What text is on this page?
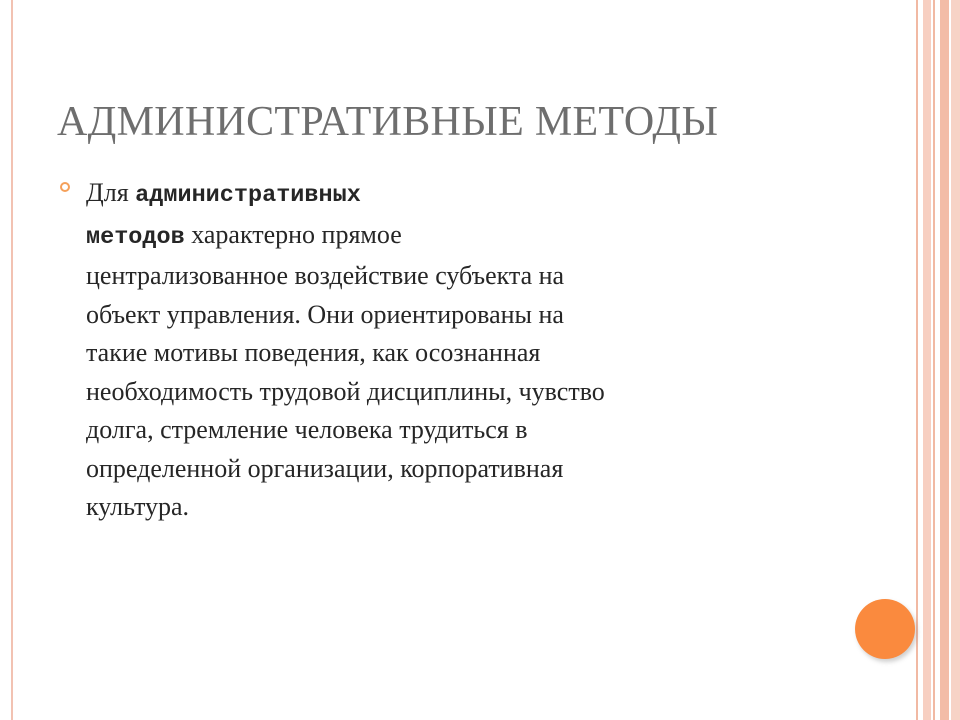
АДМИНИСТРАТИВНЫЕ МЕТОДЫ
Для административных
методов характерно прямое
централизованное воздействие субъекта на
объект управления. Они ориентированы на
такие мотивы поведения, как осознанная
необходимость трудовой дисциплины, чувство
долга, стремление человека трудиться в
определенной организации, корпоративная
культура.
